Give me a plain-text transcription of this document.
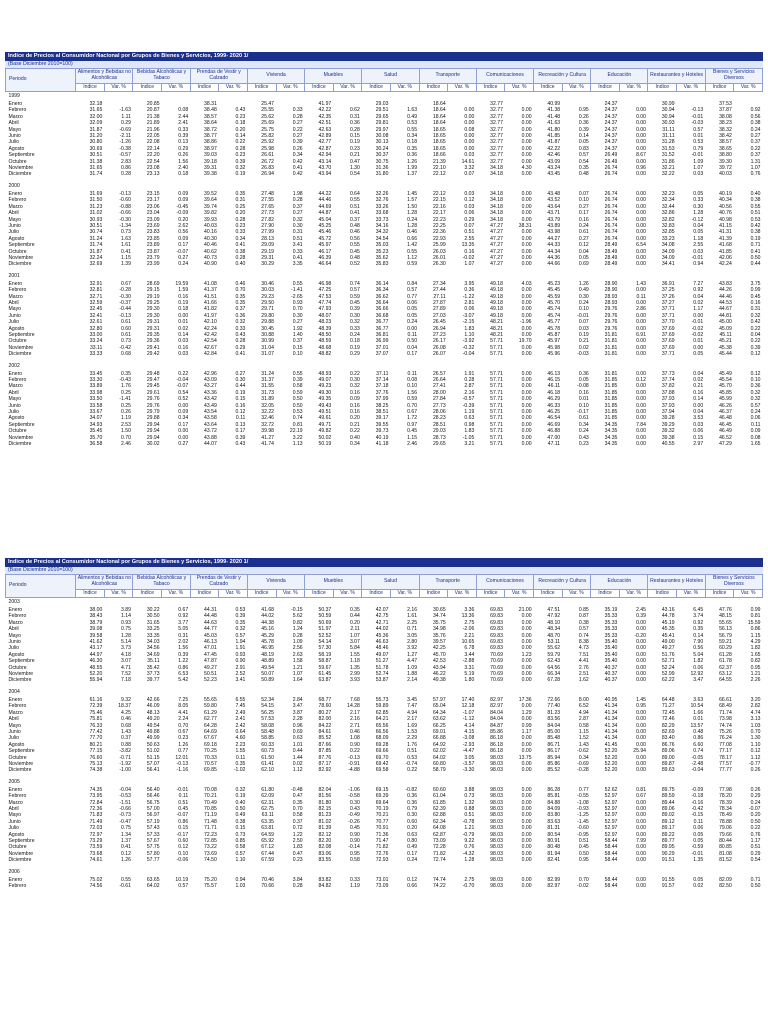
Indice de Precios al Consumidor Nacional por Grupos de Bienes y Servicios, 1999- 2020 1/
(Base Diciembre 2010=100)
Periodo	Alimentos y Bebidas no Alcohólicas		Bebidas Alcohólicas y Tabaco		Prendas de Vestir y Calzado		Vivienda		Muebles		Salud		Transporte		Comunicaciones		Recreación y Cultura		Educación		Restaurantes y Hoteles		Bienes y Servicios Diversos	
	Indice	Var. %	Indice	Var. %	Indice	Var. %	Indice	Var. %	Indice	Var. %	Indice	Var. %	Indice	Var. %	Indice	Var. %	Indice	Var. %	Indice	Var. %	Indice	Var. %	Indice	Var. %
1999																								
Enero	32.18		20.85		38.31		25.47		41.97		29.03		18.64		32.77		40.99		24.37		30.99		37.53	
Febrero	31.65	-1.63	20.87	0.08	38.48	0.43	25.55	0.33	42.22	0.62	29.51	1.63	18.64	0.00	32.77	0.00	41.38	0.95	24.37	0.00	30.94	-0.13	37.87	0.92
Marzo	32.00	1.11	21.38	2.44	38.57	0.23	25.62	0.28	42.35	0.31	29.65	0.49	18.64	0.00	32.77	0.00	41.48	0.26	24.37	0.00	30.94	-0.01	38.08	0.56
Abril	32.09	0.29	21.89	2.41	38.64	0.18	25.69	0.27	42.51	0.36	29.81	0.53	18.64	0.00	32.77	0.00	41.63	0.36	24.37	0.00	30.93	-0.03	38.23	0.38
Mayo	31.87	-0.69	21.96	0.33	38.72	0.20	25.75	0.22	42.63	0.28	29.97	0.55	18.65	0.08	32.77	0.00	41.80	0.39	24.37	0.00	31.11	0.57	38.32	0.24
Junio	31.20	-2.11	22.05	0.39	38.77	0.14	25.82	0.27	42.89	0.15	30.08	0.34	18.65	0.00	32.77	0.00	41.85	0.14	24.37	0.00	31.11	0.01	38.42	0.27
Julio	30.80	-1.26	22.08	0.13	38.86	0.22	25.92	0.39	42.77	0.19	30.13	0.18	18.65	0.00	32.77	0.00	41.87	0.05	24.37	0.00	31.28	0.53	38.57	0.37
Agosto	30.69	-0.38	22.14	0.29	38.97	0.28	25.98	0.26	42.87	0.23	30.24	0.35	18.65	0.00	32.77	0.00	42.22	0.83	24.37	0.00	31.53	0.79	38.65	0.22
Septiembre	30.51	-0.57	22.20	0.26	39.03	0.23	26.61	0.34	42.94	0.21	30.37	0.36	18.66	0.03	32.77	0.00	42.46	0.57	26.49	8.67	31.52	-0.01	38.80	0.37
Octubre	31.38	2.83	22.54	1.56	39.18	0.39	26.72	0.42	43.14	0.47	30.75	1.26	21.39	14.61	32.77	0.00	43.09	0.54	26.49	0.00	31.86	1.09	39.30	1.31
Noviembre	31.65	0.86	23.08	2.40	39.31	0.32	26.83	0.41	43.70	1.30	31.36	1.99	22.10	3.32	34.18	4.30	43.24	0.35	26.74	0.96	32.21	1.07	39.72	1.07
Diciembre	31.74	0.28	23.13	0.18	39.38	0.19	26.94	0.42	43.94	0.54	31.80	1.37	22.12	0.07	34.18	0.00	43.45	0.48	26.74	0.00	32.22	0.03	40.03	0.76

2000																								
Enero	31.69	-0.13	23.15	0.09	39.52	0.35	27.48	1.98	44.22	0.64	32.26	1.45	22.12	0.03	34.18	0.00	43.48	0.07	26.74	0.00	32.23	0.05	40.19	0.40
Febrero	31.50	-0.60	23.17	0.09	39.64	0.31	27.55	0.28	44.46	0.55	32.76	1.57	22.15	0.12	34.18	0.00	43.52	0.10	26.74	0.00	32.34	0.33	40.34	0.38
Marzo	31.23	-0.88	23.06	-0.45	39.74	0.25	27.65	0.37	44.69	0.51	33.26	1.50	22.16	0.03	34.18	0.00	43.64	0.27	26.74	0.00	32.44	0.30	40.56	0.55
Abril	31.02	-0.66	23.04	-0.09	39.82	0.20	27.73	0.27	44.87	0.41	33.68	1.28	22.17	0.06	34.18	0.00	43.71	0.17	26.74	0.00	32.86	1.28	40.76	0.51
Mayo	30.93	-0.30	23.09	0.20	39.93	0.28	27.82	0.32	45.04	0.37	33.73	0.24	22.23	0.29	34.18	0.00	43.79	0.16	26.74	0.00	32.82	-0.12	40.98	0.53
Junio	30.51	-1.34	23.69	2.62	40.03	0.23	27.90	0.30	45.25	0.48	34.16	1.28	22.25	0.07	47.27	38.31	43.89	0.24	26.74	0.00	32.83	0.04	41.15	0.42
Julio	30.74	0.73	23.83	0.56	40.16	0.33	27.99	0.31	45.46	0.46	34.32	0.46	22.36	0.51	47.27	0.00	43.98	0.61	26.74	0.00	32.85	0.05	41.31	0.38
Agosto	31.24	1.63	23.85	0.09	40.30	0.34	28.13	0.51	45.72	0.56	34.54	0.66	22.93	2.55	47.27	0.00	44.27	0.27	26.74	0.00	33.23	1.18	41.39	0.19
Septiembre	31.74	1.61	23.89	0.17	40.46	0.41	29.09	3.41	45.97	0.55	35.03	1.42	25.99	13.35	47.27	0.00	44.33	0.12	28.49	6.54	34.08	2.55	41.68	0.71
Octubre	31.87	0.41	23.87	-0.07	40.62	0.38	29.19	0.33	46.17	0.45	35.23	0.55	26.03	0.16	47.27	0.00	44.34	0.04	28.49	0.00	34.09	0.03	41.85	0.41
Noviembre	32.24	1.15	23.79	0.27	40.73	0.28	29.31	0.41	46.39	0.48	35.62	1.12	26.01	-0.02	47.27	0.00	44.36	0.05	28.49	0.00	34.09	-0.01	42.06	0.50
Diciembre	32.69	1.39	23.99	0.24	40.90	0.40	30.29	3.35	46.64	0.52	35.83	0.59	26.30	1.07	47.27	0.00	44.66	0.69	28.49	0.00	34.41	0.94	42.24	0.44

2001																								
Enero	32.91	0.67	28.69	19.59	41.08	0.46	30.46	0.55	46.98	0.74	36.14	0.84	27.34	3.95	49.18	4.03	45.23	1.26	28.90	1.43	36.91	7.27	43.83	3.75
Febrero	32.81	-0.28	29.15	1.59	41.37	0.70	30.03	-1.41	47.25	0.57	36.34	0.57	27.44	0.36	49.18	0.00	45.45	0.49	28.90	0.00	37.25	0.92	44.26	0.99
Marzo	32.71	-0.30	29.19	0.16	41.51	0.35	29.23	-2.65	47.53	0.59	36.62	0.77	27.11	-1.22	49.18	0.00	45.59	0.30	28.93	0.11	37.26	0.04	44.46	0.45
Abril	32.59	-0.37	29.25	0.19	41.66	0.35	29.50	0.93	47.74	0.45	36.64	0.06	27.87	2.81	49.18	0.00	45.70	0.24	28.93	0.00	37.27	0.02	44.53	0.16
Mayo	32.45	-0.44	29.30	0.18	41.82	0.37	29.71	0.70	47.93	0.39	36.66	0.05	27.89	0.06	49.18	0.00	45.74	0.10	29.76	2.86	37.71	1.17	44.67	0.31
Junio	32.41	-0.13	29.30	0.00	41.97	0.36	29.80	0.30	48.07	0.30	36.68	0.05	27.03	-3.07	49.18	0.00	45.74	-0.01	29.76	0.00	37.71	0.00	44.81	0.32
Julio	32.61	0.61	29.31	0.01	42.10	0.32	29.88	0.27	48.23	0.32	36.77	0.24	26.45	-2.15	48.21	-1.96	45.77	0.07	29.76	0.00	37.70	-0.01	45.00	0.42
Agosto	32.80	0.60	29.31	0.02	42.24	0.33	30.45	1.92	48.39	0.33	36.77	0.00	26.94	1.83	48.21	0.00	45.78	0.03	29.76	0.00	37.69	-0.02	45.09	0.22
Septiembre	33.00	0.61	29.35	0.14	42.42	0.43	30.88	1.40	48.50	0.24	36.81	0.11	27.23	1.10	48.21	0.00	45.87	0.19	31.81	6.91	37.69	-0.02	45.11	0.04
Octubre	33.24	0.73	29.36	0.03	42.54	0.28	30.99	0.37	48.59	0.18	36.99	0.50	26.17	-3.92	57.71	19.70	45.97	0.21	31.81	0.00	37.69	0.01	45.21	0.22
Noviembre	33.11	-0.42	29.41	0.16	42.67	0.29	31.04	0.15	48.68	0.19	37.01	0.04	26.08	-0.32	57.71	0.00	45.98	0.02	31.81	0.00	37.69	0.00	45.38	0.39
Diciembre	33.33	0.68	29.42	0.03	42.84	0.41	31.07	0.10	48.82	0.29	37.07	0.17	26.07	-0.04	57.71	0.00	45.96	-0.03	31.81	0.00	37.71	0.05	45.44	0.12

2002																								
Enero	33.45	0.35	29.48	0.22	42.96	0.27	31.24	0.55	48.93	0.22	37.11	0.11	26.57	1.91	57.71	0.00	46.13	0.36	31.81	0.00	37.73	0.04	45.49	0.12
Febrero	33.30	-0.43	29.47	-0.04	43.09	0.30	31.37	0.39	49.07	0.30	37.14	0.08	26.64	0.28	57.71	0.00	46.15	0.05	31.85	0.12	37.74	0.02	45.54	0.10
Marzo	33.89	1.76	29.45	-0.07	43.27	0.44	31.55	0.58	49.23	0.32	37.18	0.10	27.41	2.87	57.71	0.00	46.11	-0.08	31.85	0.00	37.82	0.21	45.70	0.36
Abril	33.98	0.25	29.61	0.54	43.36	0.19	31.73	0.59	49.30	0.16	37.76	1.56	28.00	2.16	57.71	0.00	46.18	0.16	31.85	0.00	37.88	0.16	45.85	0.32
Mayo	33.50	-1.41	29.76	0.52	43.42	0.15	31.89	0.50	49.35	0.09	37.99	0.59	27.84	-0.57	57.71	0.00	46.29	0.01	31.85	0.00	37.93	0.14	45.99	0.32
Junio	33.58	0.25	29.76	0.00	43.49	0.16	32.05	0.50	49.43	0.16	38.25	0.70	27.73	-0.39	57.71	0.00	46.33	0.10	31.85	0.00	37.93	0.00	46.26	0.57
Julio	33.67	0.26	29.79	0.09	43.54	0.12	32.22	0.53	49.51	0.16	38.51	0.67	28.06	1.19	57.71	0.00	46.25	-0.17	31.85	0.00	37.94	0.04	46.37	0.24
Agosto	34.07	1.19	29.88	0.34	43.58	0.11	32.46	0.74	49.61	0.20	39.17	1.72	28.23	0.63	57.71	0.00	46.54	0.61	31.85	0.00	39.28	3.53	46.48	0.06
Septiembre	34.93	2.53	29.94	0.17	43.64	0.13	32.72	0.81	49.71	0.21	39.55	0.97	28.51	0.98	57.71	0.00	46.69	0.34	34.35	7.84	39.29	0.03	46.45	0.11
Octubre	35.45	1.50	29.94	0.00	43.72	0.17	39.98	22.19	49.82	0.22	39.73	0.45	29.03	1.83	57.71	0.00	46.88	0.24	34.35	0.00	39.32	0.06	46.49	0.09
Noviembre	35.70	0.70	29.94	0.00	43.88	0.39	41.27	3.22	50.02	0.40	40.19	1.15	28.73	-1.05	57.71	0.00	47.00	0.43	34.35	0.00	39.38	0.15	46.52	0.08
Diciembre	36.58	2.46	30.02	0.27	44.07	0.43	41.74	1.13	50.19	0.34	41.18	2.46	29.65	3.21	57.71	0.00	47.11	0.23	34.35	0.00	40.55	2.97	47.29	1.65
Indice de Precios al Consumidor Nacional por Grupos de Bienes y Servicios, 1999- 2020 1/
(Base Diciembre 2010=100)
Periodo	Alimentos y Bebidas no Alcohólicas		Bebidas Alcohólicas y Tabaco		Prendas de Vestir y Calzado		Vivienda		Muebles		Salud		Transporte		Comunicaciones		Recreación y Cultura		Educación		Restaurantes y Hoteles		Bienes y Servicios Diversos	
	Indice	Var. %	Indice	Var. %	Indice	Var. %	Indice	Var. %	Indice	Var. %	Indice	Var. %	Indice	Var. %	Indice	Var. %	Indice	Var. %	Indice	Var. %	Indice	Var. %	Indice	Var. %
2003																								
Enero	38.00	3.89	30.22	0.67	44.31	0.53	41.68	-0.15	50.37	0.35	42.07	2.16	30.65	3.36	69.83	21.00	47.51	0.85	35.19	2.45	43.16	6.45	47.76	0.99
Febrero	38.43	1.14	30.50	0.92	44.48	0.39	44.02	5.62	50.59	0.44	42.75	1.61	34.74	13.36	69.83	0.00	47.92	0.87	35.33	0.39	44.78	3.74	48.15	0.81
Marzo	38.79	0.93	31.65	3.77	44.63	0.35	44.38	0.82	50.69	0.20	42.71	2.25	35.75	2.75	69.83	0.00	48.10	0.38	35.33	0.00	45.19	0.92	55.65	15.59
Abril	39.08	0.75	33.25	5.05	44.77	0.32	45.16	1.24	51.97	2.11	44.02	0.71	34.98	-2.06	69.83	0.00	48.34	0.57	35.33	0.00	45.35	0.35	56.13	0.86
Mayo	39.58	1.28	33.35	0.31	45.03	0.57	45.29	0.28	52.52	1.07	45.36	3.05	35.76	2.21	69.83	0.00	48.70	0.74	35.33	-0.20	45.41	0.14	56.79	1.15
Junio	41.62	5.14	34.03	2.02	46.13	1.94	45.78	1.09	54.14	3.07	46.63	2.80	39.57	10.65	69.83	0.00	53.11	8.38	35.40	0.00	49.00	7.90	59.21	4.29
Julio	43.17	3.73	34.56	1.56	47.01	1.91	46.95	2.56	57.30	5.84	48.46	3.92	42.25	6.78	69.83	0.00	55.62	4.73	35.40	0.00	49.27	0.56	60.29	1.82
Agosto	44.97	4.18	34.69	0.39	47.45	0.93	48.19	2.63	58.19	1.55	49.07	1.27	45.70	3.44	70.69	1.23	59.79	7.51	35.40	0.00	51.76	5.04	61.28	1.65
Septiembre	46.30	3.07	35.11	1.22	47.87	0.90	48.89	1.58	58.87	1.18	51.27	4.47	42.53	-2.88	70.69	0.00	62.43	4.41	35.40	0.00	52.71	1.82	61.78	0.82
Octubre	48.55	4.71	35.42	0.86	49.27	2.91	49.54	1.21	59.67	1.35	51.78	1.09	43.94	3.31	70.69	0.00	64.56	2.76	40.37	0.00	52.24	0.06	62.37	0.95
Noviembre	52.20	7.52	37.73	6.53	50.51	2.52	50.07	1.07	61.45	2.99	52.74	1.88	46.22	5.19	70.69	0.00	66.34	2.51	40.37	0.00	52.99	12.92	63.12	1.21
Diciembre	55.94	7.18	39.77	5.42	52.23	3.41	50.89	1.64	63.87	3.93	53.87	2.14	49.38	1.80	70.69	0.00	67.28	1.62	40.37	0.00	62.22	3.47	64.55	2.26

2004																								
Enero	61.16	9.32	42.66	7.25	55.65	6.55	52.34	2.84	68.77	7.68	55.73	3.45	57.97	17.40	82.97	17.36	72.66	8.00	40.95	1.45	64.48	3.63	66.61	3.20
Febrero	72.39	18.37	46.09	8.05	59.80	7.45	54.15	3.47	78.60	14.28	59.89	7.47	65.04	12.18	82.97	0.00	77.40	6.52	41.34	0.95	71.27	10.54	68.49	2.82
Marzo	75.46	4.25	48.13	4.41	61.29	2.49	56.25	3.87	80.27	2.17	62.85	4.94	64.34	-1.07	84.04	1.29	81.23	4.94	41.34	0.00	72.45	1.66	71.74	4.74
Abril	75.81	0.46	49.20	2.24	62.77	2.41	57.53	2.28	82.00	2.16	64.21	2.17	63.62	-1.12	84.04	0.00	83.56	2.87	41.34	0.00	72.46	0.01	73.98	3.13
Mayo	76.33	0.68	49.54	0.70	64.28	2.42	58.08	0.96	84.22	2.71	65.56	1.69	66.25	4.14	84.87	0.99	84.04	0.58	41.34	0.00	82.29	13.57	74.74	1.03
Junio	77.42	1.43	49.88	0.67	64.69	0.64	58.48	0.69	84.61	0.46	66.56	1.53	69.01	4.15	85.86	1.17	85.00	1.15	41.34	0.00	82.69	0.48	75.26	0.70
Julio	77.70	0.37	49.99	0.23	67.67	4.60	58.85	0.63	85.52	1.08	68.09	2.29	66.88	-3.08	86.18	0.00	85.48	1.52	41.34	0.00	83.40	0.86	76.24	1.30
Agosto	80.21	0.88	50.63	1.26	69.18	2.23	60.33	1.01	87.66	0.90	69.28	1.76	64.92	-2.93	86.18	0.00	86.71	1.43	41.45	0.00	86.76	6.60	77.08	1.10
Septiembre	77.15	-3.82	51.02	0.77	70.25	1.55	60.73	0.44	87.85	0.22	69.66	0.51	62.02	-4.47	86.18	0.00	86.17	-0.62	52.20	25.94	89.06	0.74	77.17	0.12
Octubre	76.60	-0.71	51.15	12.01	70.33	0.11	61.50	1.44	87.76	-0.13	69.70	0.53	64.02	3.05	98.03	13.75	85.94	0.34	52.20	0.00	89.00	-0.05	78.17	1.12
Noviembre	75.13	-1.92	57.07	-0.13	70.57	0.35	61.41	0.02	87.17	-0.91	69.42	-0.74	60.80	-3.57	98.03	0.00	85.86	-0.69	52.20	0.00	89.87	-2.48	77.57	-0.77
Diciembre	74.38	-1.00	56.41	-1.16	69.85	-1.02	62.10	1.12	82.92	-4.88	69.58	0.22	58.79	-3.30	98.03	0.00	85.52	-0.28	52.20	0.00	89.63	-0.04	77.77	0.26

2005																								
Enero	74.35	-0.04	56.40	-0.01	70.08	0.32	61.80	-0.48	82.04	-1.06	69.15	-0.82	60.60	3.88	98.03	0.00	86.28	0.77	52.62	0.81	89.75	-0.09	77.98	0.26
Febrero	73.95	-0.53	56.46	0.11	70.21	0.19	62.09	0.47	81.56	-0.58	69.39	0.36	61.04	0.73	98.03	0.00	85.81	-0.55	52.97	0.67	89.59	-0.18	78.20	0.29
Marzo	72.84	-1.51	56.75	0.51	70.49	0.40	62.31	0.35	81.80	0.30	69.64	0.36	61.85	1.32	98.03	0.00	84.88	-1.08	52.97	0.00	89.44	-0.16	78.39	0.24
Abril	72.36	-0.66	57.00	0.45	70.85	0.50	62.75	0.70	82.15	0.43	70.19	0.79	62.39	0.88	98.03	0.00	84.09	-0.93	52.97	0.00	89.06	-0.42	78.34	-0.07
Mayo	71.83	-0.73	56.97	-0.07	71.19	0.49	63.11	0.58	81.23	-0.49	70.21	0.30	62.88	0.51	98.03	0.00	83.80	-1.25	52.97	0.00	89.02	-0.15	78.49	0.20
Junio	71.49	-0.47	57.19	0.86	71.48	0.38	63.35	0.37	81.02	-0.26	70.77	0.60	62.34	-0.78	98.03	0.00	83.63	-1.45	52.97	0.00	89.12	0.11	78.88	0.50
Julio	72.03	0.75	57.43	0.15	71.71	0.15	63.81	0.72	81.39	0.45	70.91	0.20	64.08	1.21	98.03	0.00	81.31	-0.60	52.97	0.00	89.17	0.06	79.06	0.22
Agosto	72.97	1.34	57.33	-0.17	72.23	0.73	64.59	1.22	82.12	0.90	71.36	0.63	62.87	-0.79	98.03	0.00	80.54	-0.95	52.97	0.00	89.22	0.05	79.66	0.76
Septiembre	73.29	1.37	57.67	0.60	72.85	0.85	65.92	2.50	82.20	0.90	71.47	0.80	73.09	9.22	98.03	0.00	80.91	0.51	58.44	7.99	89.77	0.05	80.44	1.17
Octubre	73.59	0.41	57.75	0.12	73.22	0.58	67.12	1.83	82.08	-0.14	71.82	0.49	72.28	0.76	98.03	0.00	80.48	0.45	58.44	0.00	89.95	-0.59	80.85	0.51
Noviembre	73.68	0.12	57.80	0.10	73.69	0.57	67.44	0.47	83.06	0.95	72.76	0.17	71.82	-4.32	98.03	0.00	81.94	0.50	58.44	0.00	90.29	-0.01	81.08	0.29
Diciembre	74.61	1.26	57.77	-0.06	74.50	1.10	67.59	0.23	83.55	0.58	72.93	0.24	72.74	1.28	98.03	0.00	82.41	0.95	58.44	0.00	91.51	1.35	81.52	0.54

2006																								
Enero	75.02	0.55	63.65	10.19	75.20	0.94	70.46	3.84	83.82	0.33	73.01	0.12	74.74	2.75	98.03	0.00	82.99	0.70	58.44	0.00	91.55	0.05	82.09	0.71
Febrero	74.56	-0.61	64.02	0.57	75.57	1.03	70.66	0.28	84.82	1.19	73.09	0.66	74.22	-0.70	98.03	0.00	82.97	-0.02	58.44	0.00	91.57	0.02	82.50	0.50
